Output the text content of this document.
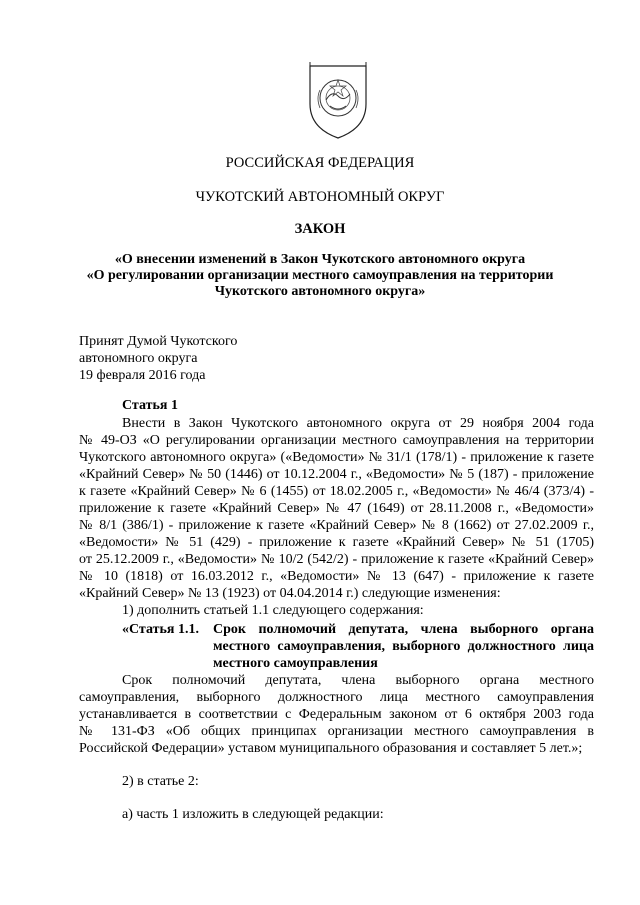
РОССИЙСКАЯ ФЕДЕРАЦИЯ
ЧУКОТСКИЙ АВТОНОМНЫЙ ОКРУГ
ЗАКОН
«О внесении изменений в Закон Чукотского автономного округа
«О регулировании организации местного самоуправления на территории
Чукотского автономного округа»
Принят Думой Чукотского
автономного округа
19 февраля 2016 года
Статья 1
Внести в Закон Чукотского автономного округа от 29 ноября 2004 года
№ 49-ОЗ «О регулировании организации местного самоуправления на территории
Чукотского автономного округа» («Ведомости» № 31/1 (178/1) - приложение к газете
«Крайний Север» № 50 (1446) от 10.12.2004 г., «Ведомости» № 5 (187) - приложение
к газете «Крайний Север» № 6 (1455) от 18.02.2005 г., «Ведомости» № 46/4 (373/4) -
приложение к газете «Крайний Север» № 47 (1649) от 28.11.2008 г., «Ведомости»
№ 8/1 (386/1) - приложение к газете «Крайний Север» № 8 (1662) от 27.02.2009 г.,
«Ведомости» № 51 (429) - приложение к газете «Крайний Север» № 51 (1705)
от 25.12.2009 г., «Ведомости» № 10/2 (542/2) - приложение к газете «Крайний Север»
№ 10 (1818) от 16.03.2012 г., «Ведомости» № 13 (647) - приложение к газете
«Крайний Север» № 13 (1923) от 04.04.2014 г.) следующие изменения:
1) дополнить статьей 1.1 следующего содержания:
«Статья 1.1. Срок полномочий депутата, члена выборного органа
местного самоуправления, выборного должностного лица
местного самоуправления
Срок полномочий депутата, члена выборного органа местного
самоуправления, выборного должностного лица местного самоуправления
устанавливается в соответствии с Федеральным законом от 6 октября 2003 года
№ 131-ФЗ «Об общих принципах организации местного самоуправления в
Российской Федерации» уставом муниципального образования и составляет 5 лет.»;
2) в статье 2:
а) часть 1 изложить в следующей редакции:
